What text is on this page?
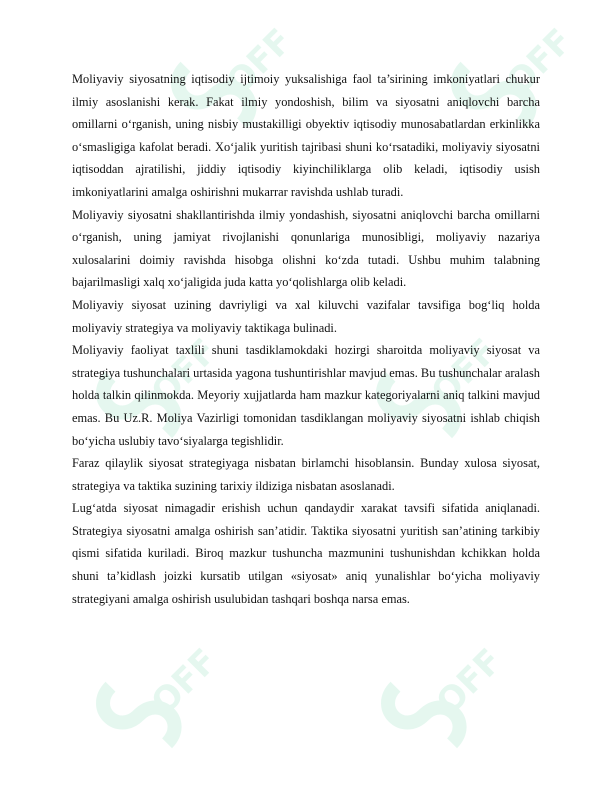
OFF	OFF
OFF	OFF
OFF	OFF

Moliyaviy siyosatning iqtisodiy ijtimoiy yuksalishiga faol ta’sirining imkoniyatlari chukur ilmiy asoslanishi kerak. Fakat ilmiy yondoshish, bilim va siyosatni aniqlovchi barcha omillarni o‘rganish, uning nisbiy mustakilligi obyektiv iqtisodiy munosabatlardan erkinlikka o‘smasligiga kafolat beradi. Xo‘jalik yuritish tajribasi shuni ko‘rsatadiki, moliyaviy siyosatni iqtisoddan ajratilishi, jiddiy iqtisodiy kiyinchiliklarga olib keladi, iqtisodiy usish imkoniyatlarini amalga oshirishni mukarrar ravishda ushlab turadi.

Moliyaviy siyosatni shakllantirishda ilmiy yondashish, siyosatni aniqlovchi barcha omillarni o‘rganish, uning jamiyat rivojlanishi qonunlariga munosibligi, moliyaviy nazariya xulosalarini doimiy ravishda hisobga olishni ko‘zda tutadi. Ushbu muhim talabning bajarilmasligi xalq xo‘jaligida juda katta yo‘qolishlarga olib keladi.

Moliyaviy siyosat uzining davriyligi va xal kiluvchi vazifalar tavsifiga bog‘liq holda moliyaviy strategiya va moliyaviy taktikaga bulinadi.

Moliyaviy faoliyat taxlili shuni tasdiklamokdaki hozirgi sharoitda moliyaviy siyosat va strategiya tushunchalari urtasida yagona tushuntirishlar mavjud emas. Bu tushunchalar aralash holda talkin qilinmokda. Meyoriy xujjatlarda ham mazkur kategoriyalarni aniq talkini mavjud emas. Bu Uz.R. Moliya Vazirligi tomonidan tasdiklangan moliyaviy siyosatni ishlab chiqish bo‘yicha uslubiy tavo‘siyalarga tegishlidir.

Faraz qilaylik siyosat strategiyaga nisbatan birlamchi hisoblansin. Bunday xulosa siyosat, strategiya va taktika suzining tarixiy ildiziga nisbatan asoslanadi.

Lug‘atda siyosat nimagadir erishish uchun qandaydir xarakat tavsifi sifatida aniqlanadi. Strategiya siyosatni amalga oshirish san’atidir. Taktika siyosatni yuritish san’atining tarkibiy qismi sifatida kuriladi. Biroq mazkur tushuncha mazmunini tushunishdan kchikkan holda shuni ta’kidlash joizki kursatib utilgan «siyosat» aniq yunalishlar bo‘yicha moliyaviy strategiyani amalga oshirish usulubidan tashqari boshqa narsa emas.
